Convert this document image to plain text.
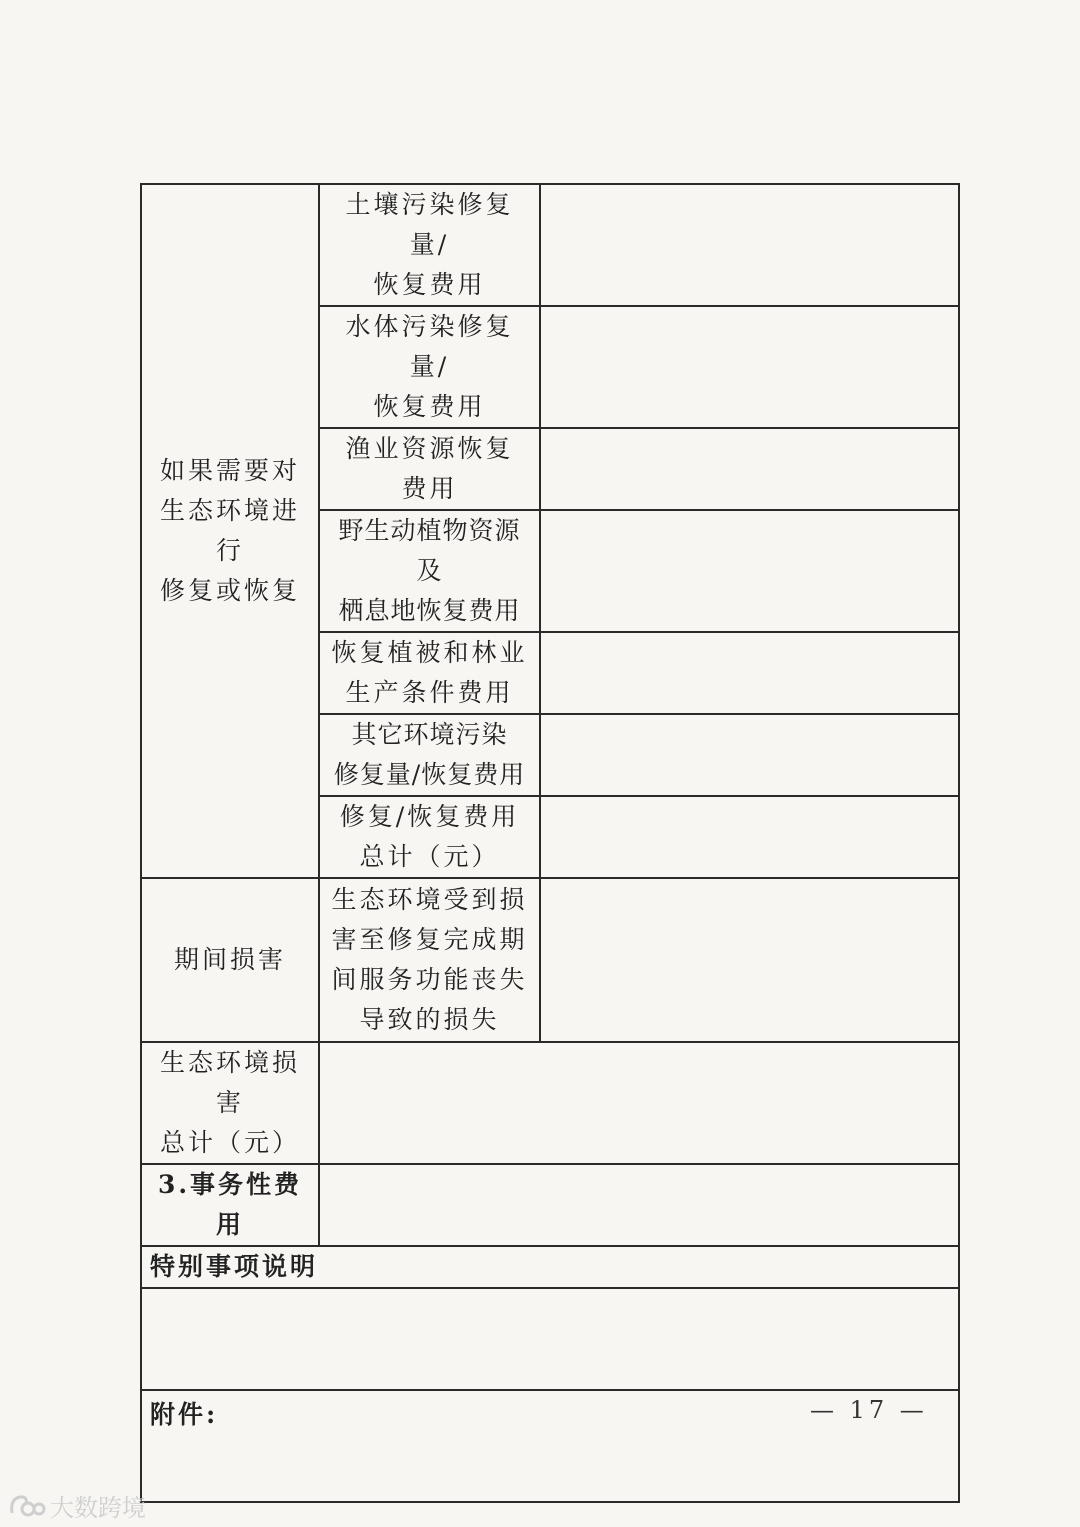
如果需要对
生态环境进行
修复或恢复	土壤污染修复量/
恢复费用	

	水体污染修复量/
恢复费用	

	渔业资源恢复
费用	

	野生动植物资源及
栖息地恢复费用	

	恢复植被和林业
生产条件费用	

	其它环境污染
修复量/恢复费用	

	修复/恢复费用
总计（元）	

期间损害	生态环境受到损
害至修复完成期
间服务功能丧失
导致的损失	

生态环境损害
总计（元）		

3.事务性费用		
特别事项说明		

附件:			— 17 —
大数跨境
